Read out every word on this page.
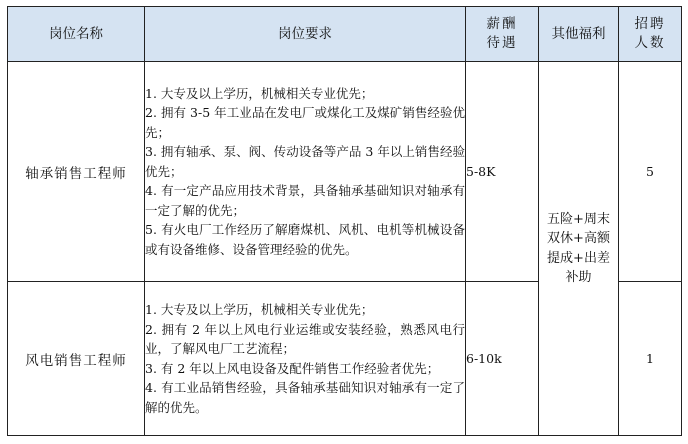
岗位名称	岗位要求	薪酬待遇	其他福利	招聘人数
轴承销售工程师	1. 大专及以上学历，机械相关专业优先；
2. 拥有 3-5 年工业品在发电厂或煤化工及煤矿销售经验优先；
3. 拥有轴承、泵、阀、传动设备等产品 3 年以上销售经验优先；
4. 有一定产品应用技术背景，具备轴承基础知识对轴承有一定了解的优先；
5. 有火电厂工作经历了解磨煤机、风机、电机等机械设备或有设备维修、设备管理经验的优先。	5-8K	五险+周末双休+高额提成+出差补助	5
风电销售工程师	1. 大专及以上学历，机械相关专业优先；
2. 拥有 2 年以上风电行业运维或安装经验，熟悉风电行业，了解风电厂工艺流程；
3. 有 2 年以上风电设备及配件销售工作经验者优先；
4. 有工业品销售经验，具备轴承基础知识对轴承有一定了解的优先。	6-10k		1
